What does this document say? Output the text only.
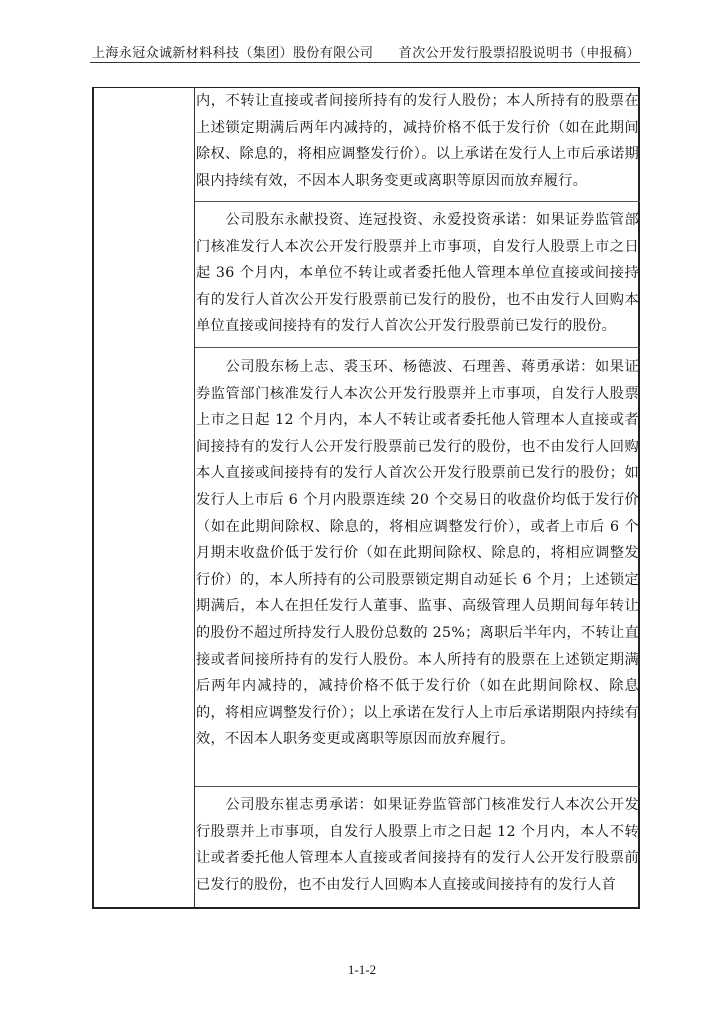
上海永冠众诚新材料科技（集团）股份有限公司 首次公开发行股票招股说明书（申报稿）

内，不转让直接或者间接所持有的发行人股份；本人所持有的股票在上述锁定期满后两年内减持的，减持价格不低于发行价（如在此期间除权、除息的，将相应调整发行价）。以上承诺在发行人上市后承诺期限内持续有效，不因本人职务变更或离职等原因而放弃履行。

　　公司股东永献投资、连冠投资、永爱投资承诺：如果证券监管部门核准发行人本次公开发行股票并上市事项，自发行人股票上市之日起 36 个月内，本单位不转让或者委托他人管理本单位直接或间接持有的发行人首次公开发行股票前已发行的股份，也不由发行人回购本单位直接或间接持有的发行人首次公开发行股票前已发行的股份。

　　公司股东杨上志、裘玉环、杨德波、石理善、蒋勇承诺：如果证券监管部门核准发行人本次公开发行股票并上市事项，自发行人股票上市之日起 12 个月内，本人不转让或者委托他人管理本人直接或者间接持有的发行人公开发行股票前已发行的股份，也不由发行人回购本人直接或间接持有的发行人首次公开发行股票前已发行的股份；如发行人上市后 6 个月内股票连续 20 个交易日的收盘价均低于发行价（如在此期间除权、除息的，将相应调整发行价），或者上市后 6 个月期末收盘价低于发行价（如在此期间除权、除息的，将相应调整发行价）的，本人所持有的公司股票锁定期自动延长 6 个月；上述锁定期满后，本人在担任发行人董事、监事、高级管理人员期间每年转让的股份不超过所持发行人股份总数的 25%；离职后半年内，不转让直接或者间接所持有的发行人股份。本人所持有的股票在上述锁定期满后两年内减持的，减持价格不低于发行价（如在此期间除权、除息的，将相应调整发行价）；以上承诺在发行人上市后承诺期限内持续有效，不因本人职务变更或离职等原因而放弃履行。

　　公司股东崔志勇承诺：如果证券监管部门核准发行人本次公开发行股票并上市事项，自发行人股票上市之日起 12 个月内，本人不转让或者委托他人管理本人直接或者间接持有的发行人公开发行股票前已发行的股份，也不由发行人回购本人直接或间接持有的发行人首

1-1-2
